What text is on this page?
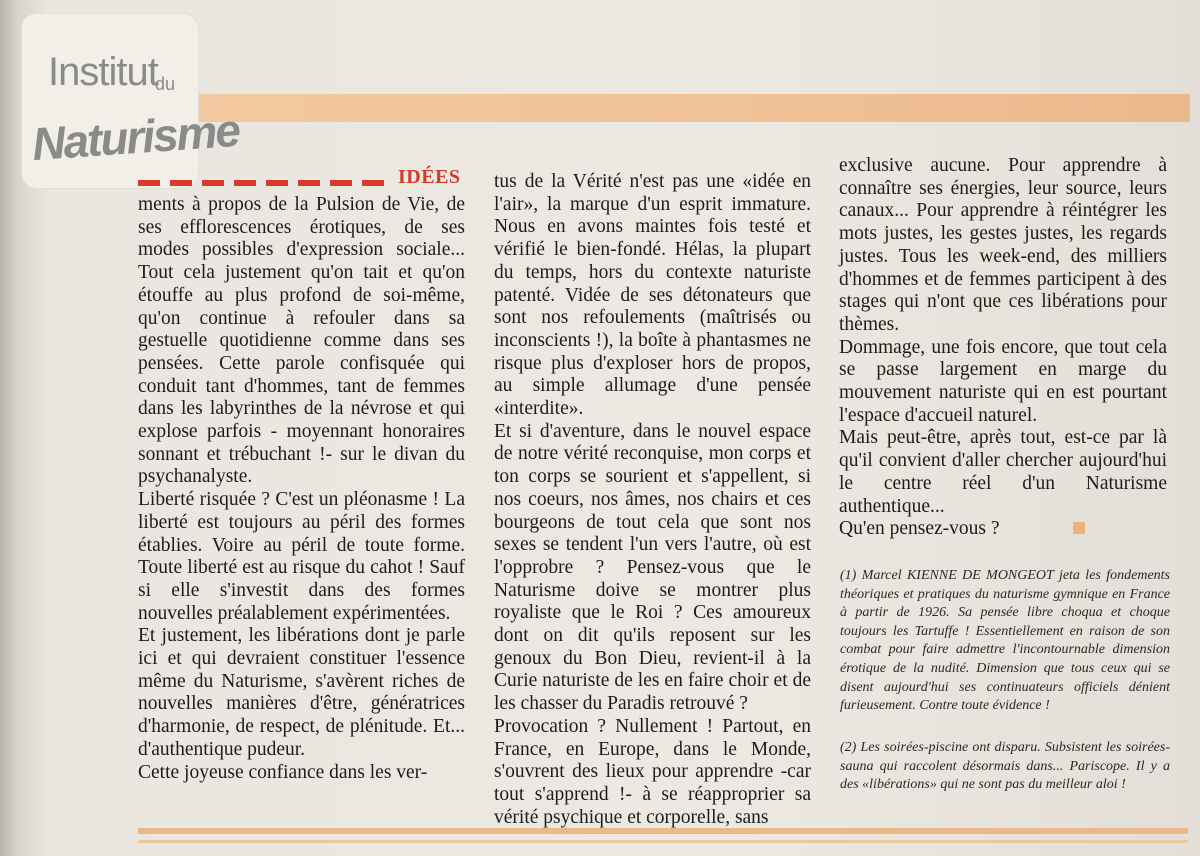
Institut
du
Naturisme
IDÉES

ments à propos de la Pulsion de Vie, de ses efflorescences érotiques, de ses modes possibles d'expression sociale... Tout cela justement qu'on tait et qu'on étouffe au plus profond de soi-même, qu'on continue à refouler dans sa gestuelle quotidienne comme dans ses pensées. Cette parole confisquée qui conduit tant d'hommes, tant de femmes dans les labyrinthes de la névrose et qui explose parfois - moyennant honoraires sonnant et trébuchant !- sur le divan du psychanalyste.

Liberté risquée ? C'est un pléonasme ! La liberté est toujours au péril des formes établies. Voire au péril de toute forme. Toute liberté est au risque du cahot ! Sauf si elle s'investit dans des formes nouvelles préalablement expérimentées.

Et justement, les libérations dont je parle ici et qui devraient constituer l'essence même du Naturisme, s'avèrent riches de nouvelles manières d'être, génératrices d'harmonie, de respect, de plénitude. Et... d'authentique pudeur.

Cette joyeuse confiance dans les ver-

tus de la Vérité n'est pas une «idée en l'air», la marque d'un esprit immature. Nous en avons maintes fois testé et vérifié le bien-fondé. Hélas, la plupart du temps, hors du contexte naturiste patenté. Vidée de ses détonateurs que sont nos refoulements (maîtrisés ou inconscients !), la boîte à phantasmes ne risque plus d'exploser hors de propos, au simple allumage d'une pensée «interdite».

Et si d'aventure, dans le nouvel espace de notre vérité reconquise, mon corps et ton corps se sourient et s'appellent, si nos coeurs, nos âmes, nos chairs et ces bourgeons de tout cela que sont nos sexes se tendent l'un vers l'autre, où est l'opprobre ? Pensez-vous que le Naturisme doive se montrer plus royaliste que le Roi ? Ces amoureux dont on dit qu'ils reposent sur les genoux du Bon Dieu, revient-il à la Curie naturiste de les en faire choir et de les chasser du Paradis retrouvé ?

Provocation ? Nullement ! Partout, en France, en Europe, dans le Monde, s'ouvrent des lieux pour apprendre -car tout s'apprend !- à se réapproprier sa vérité psychique et corporelle, sans

exclusive aucune. Pour apprendre à connaître ses énergies, leur source, leurs canaux... Pour apprendre à réintégrer les mots justes, les gestes justes, les regards justes. Tous les week-end, des milliers d'hommes et de femmes participent à des stages qui n'ont que ces libérations pour thèmes.

Dommage, une fois encore, que tout cela se passe largement en marge du mouvement naturiste qui en est pourtant l'espace d'accueil naturel.

Mais peut-être, après tout, est-ce par là qu'il convient d'aller chercher aujourd'hui le centre réel d'un Naturisme authentique...

Qu'en pensez-vous ?

(1) Marcel KIENNE DE MONGEOT jeta les fondements théoriques et pratiques du naturisme gymnique en France à partir de 1926. Sa pensée libre choqua et choque toujours les Tartuffe ! Essentiellement en raison de son combat pour faire admettre l'incontournable dimension érotique de la nudité. Dimension que tous ceux qui se disent aujourd'hui ses continuateurs officiels dénient furieusement. Contre toute évidence !

(2) Les soirées-piscine ont disparu. Subsistent les soirées-sauna qui raccolent désormais dans... Pariscope. Il y a des «libérations» qui ne sont pas du meilleur aloi !
